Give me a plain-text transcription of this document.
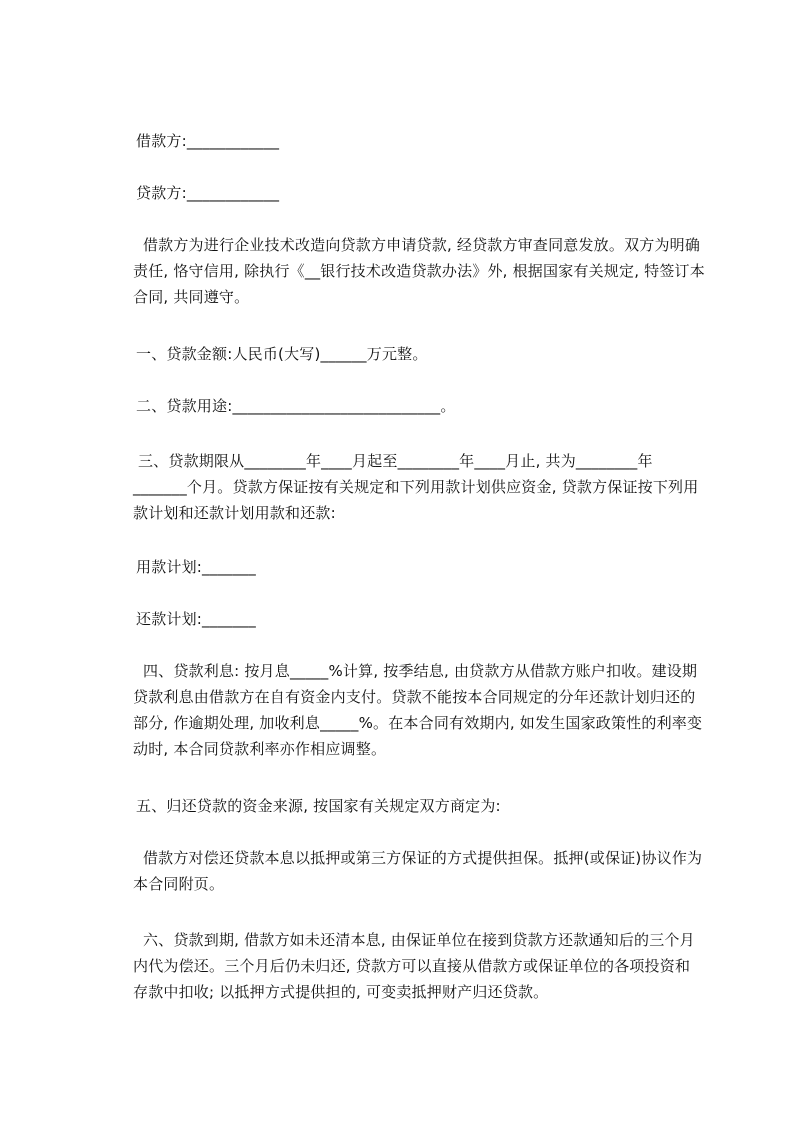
借款方:____________

贷款方:____________

借款方为进行企业技术改造向贷款方申请贷款, 经贷款方审查同意发放。双方为明确责任, 恪守信用, 除执行《__银行技术改造贷款办法》外, 根据国家有关规定, 特签订本合同, 共同遵守。

一、贷款金额:人民币(大写)______万元整。

二、贷款用途:___________________________。

三、贷款期限从________年____月起至________年____月止, 共为________年_______个月。贷款方保证按有关规定和下列用款计划供应资金, 贷款方保证按下列用款计划和还款计划用款和还款:

用款计划:_______

还款计划:_______

四、贷款利息: 按月息_____%计算, 按季结息, 由贷款方从借款方账户扣收。建设期贷款利息由借款方在自有资金内支付。贷款不能按本合同规定的分年还款计划归还的部分, 作逾期处理, 加收利息_____%。在本合同有效期内, 如发生国家政策性的利率变动时, 本合同贷款利率亦作相应调整。

五、归还贷款的资金来源, 按国家有关规定双方商定为:

借款方对偿还贷款本息以抵押或第三方保证的方式提供担保。抵押(或保证)协议作为本合同附页。

六、贷款到期, 借款方如未还清本息, 由保证单位在接到贷款方还款通知后的三个月内代为偿还。三个月后仍未归还, 贷款方可以直接从借款方或保证单位的各项投资和存款中扣收; 以抵押方式提供担的, 可变卖抵押财产归还贷款。
